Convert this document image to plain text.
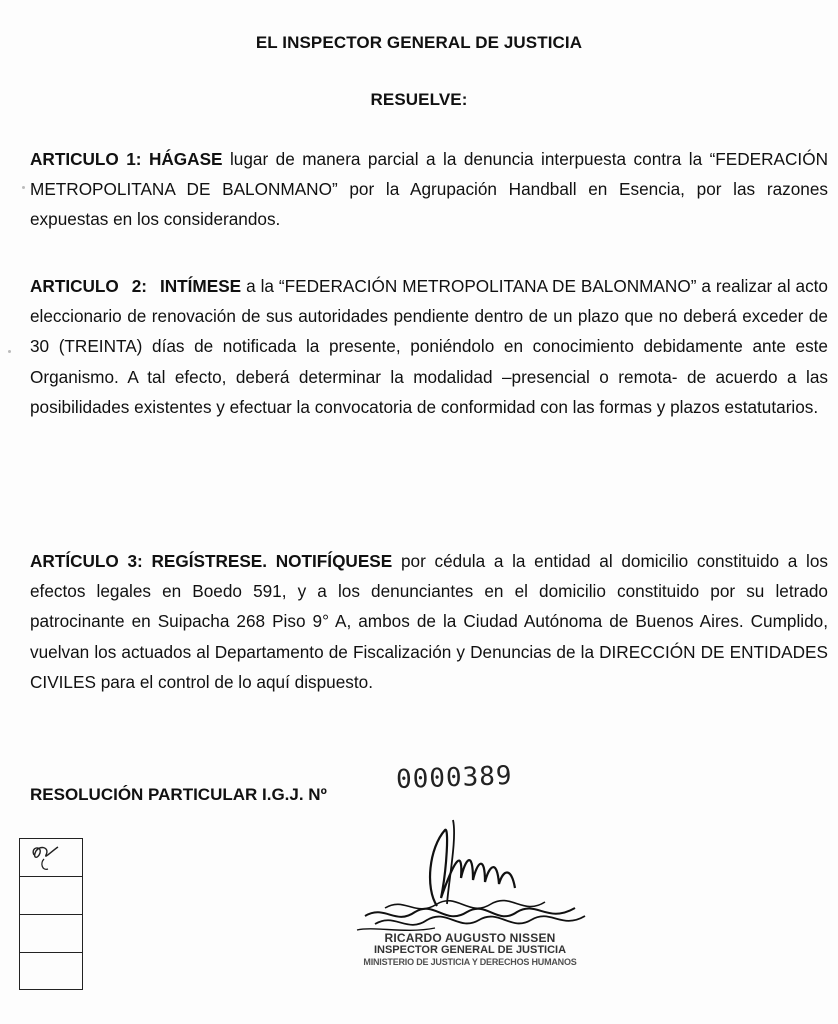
EL INSPECTOR GENERAL DE JUSTICIA
RESUELVE:
ARTICULO 1: HÁGASE lugar de manera parcial a la denuncia interpuesta contra la “FEDERACIÓN METROPOLITANA DE BALONMANO” por la Agrupación Handball en Esencia, por las razones expuestas en los considerandos.
ARTICULO 2: INTÍMESE a la “FEDERACIÓN METROPOLITANA DE BALONMANO” a realizar al acto eleccionario de renovación de sus autoridades pendiente dentro de un plazo que no deberá exceder de 30 (TREINTA) días de notificada la presente, poniéndolo en conocimiento debidamente ante este Organismo. A tal efecto, deberá determinar la modalidad –presencial o remota- de acuerdo a las posibilidades existentes y efectuar la convocatoria de conformidad con las formas y plazos estatutarios.
ARTÍCULO 3: REGÍSTRESE. NOTIFÍQUESE por cédula a la entidad al domicilio constituido a los efectos legales en Boedo 591, y a los denunciantes en el domicilio constituido por su letrado patrocinante en Suipacha 268 Piso 9° A, ambos de la Ciudad Autónoma de Buenos Aires. Cumplido, vuelvan los actuados al Departamento de Fiscalización y Denuncias de la DIRECCIÓN DE ENTIDADES CIVILES para el control de lo aquí dispuesto.
RESOLUCIÓN PARTICULAR I.G.J. Nº	0000389
RICARDO AUGUSTO NISSEN
INSPECTOR GENERAL DE JUSTICIA
MINISTERIO DE JUSTICIA Y DERECHOS HUMANOS
